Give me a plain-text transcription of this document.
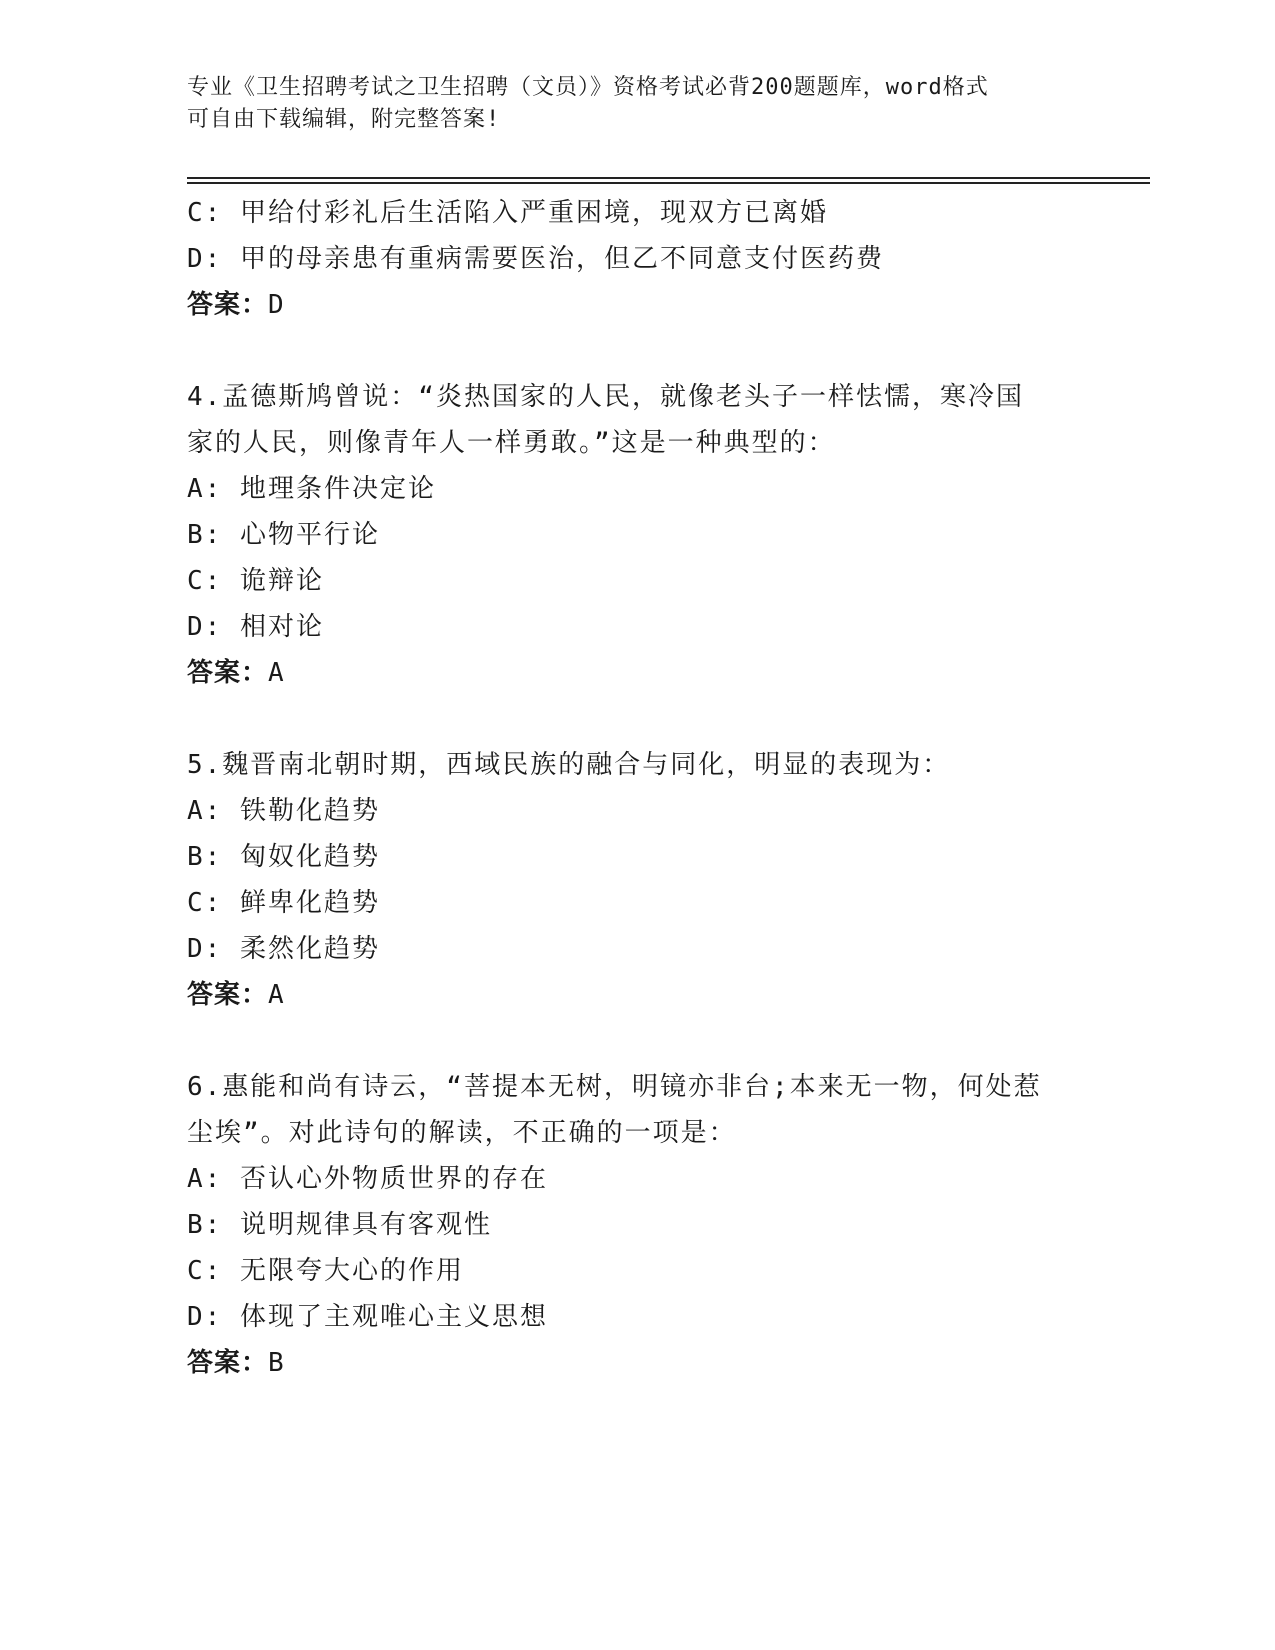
专业《卫生招聘考试之卫生招聘（文员）》资格考试必背200题题库，word格式
可自由下载编辑，附完整答案!
C: 甲给付彩礼后生活陷入严重困境，现双方已离婚
D: 甲的母亲患有重病需要医治，但乙不同意支付医药费
答案：D
4.孟德斯鸠曾说：“炎热国家的人民，就像老头子一样怯懦，寒冷国
家的人民，则像青年人一样勇敢。”这是一种典型的：
A: 地理条件决定论
B: 心物平行论
C: 诡辩论
D: 相对论
答案：A
5.魏晋南北朝时期，西域民族的融合与同化，明显的表现为：
A: 铁勒化趋势
B: 匈奴化趋势
C: 鲜卑化趋势
D: 柔然化趋势
答案：A
6.惠能和尚有诗云，“菩提本无树，明镜亦非台;本来无一物，何处惹
尘埃”。对此诗句的解读，不正确的一项是：
A: 否认心外物质世界的存在
B: 说明规律具有客观性
C: 无限夸大心的作用
D: 体现了主观唯心主义思想
答案：B
